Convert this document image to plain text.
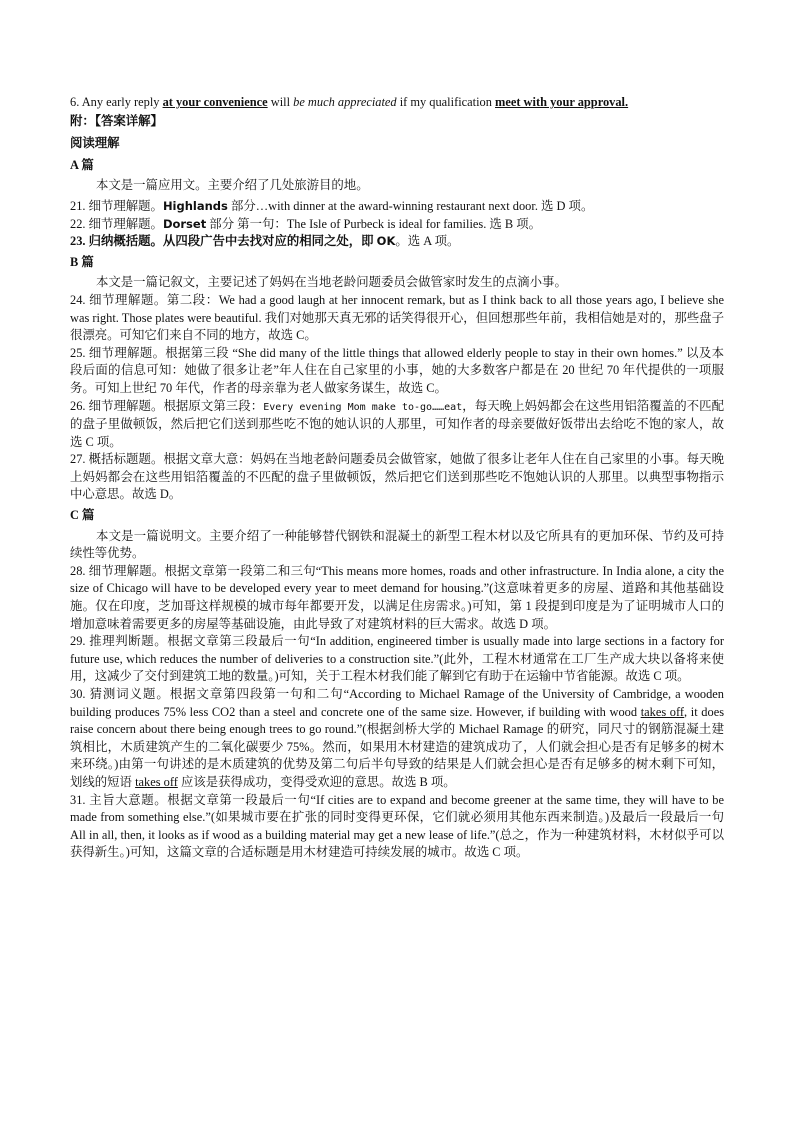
6. Any early reply at your convenience will be much appreciated if my qualification meet with your approval.

附：【答案详解】

阅读理解

A 篇

本文是一篇应用文。主要介绍了几处旅游目的地。

21. 细节理解题。Highlands 部分…with dinner at the award-winning restaurant next door. 选 D 项。

22. 细节理解题。Dorset 部分 第一句：The Isle of Purbeck is ideal for families. 选 B 项。

23. 归纳概括题。从四段广告中去找对应的相同之处，即 OK。选 A 项。

B 篇

本文是一篇记叙文，主要记述了妈妈在当地老龄问题委员会做管家时发生的点滴小事。

24. 细节理解题。第二段：We had a good laugh at her innocent remark, but as I think back to all those years ago, I believe she was right. Those plates were beautiful. 我们对她那天真无邪的话笑得很开心，但回想那些年前，我相信她是对的，那些盘子很漂亮。可知它们来自不同的地方，故选 C。

25. 细节理解题。根据第三段 “She did many of the little things that allowed elderly people to stay in their own homes.” 以及本段后面的信息可知：她做了很多让老”年人住在自己家里的小事，她的大多数客户都是在 20 世纪 70 年代提供的一项服务。可知上世纪 70 年代，作者的母亲靠为老人做家务谋生，故选 C。

26. 细节理解题。根据原文第三段：Every evening Mom make to-go……eat，每天晚上妈妈都会在这些用铝箔覆盖的不匹配的盘子里做顿饭，然后把它们送到那些吃不饱的她认识的人那里，可知作者的母亲要做好饭带出去给吃不饱的家人，故选 C 项。

27. 概括标题题。根据文章大意：妈妈在当地老龄问题委员会做管家，她做了很多让老年人住在自己家里的小事。每天晚上妈妈都会在这些用铝箔覆盖的不匹配的盘子里做顿饭，然后把它们送到那些吃不饱她认识的人那里。以典型事物指示中心意思。故选 D。

C 篇

本文是一篇说明文。主要介绍了一种能够替代钢铁和混凝土的新型工程木材以及它所具有的更加环保、节约及可持续性等优势。

28. 细节理解题。根据文章第一段第二和三句“This means more homes, roads and other infrastructure. In India alone, a city the size of Chicago will have to be developed every year to meet demand for housing.”(这意味着更多的房屋、道路和其他基础设施。仅在印度，芝加哥这样规模的城市每年都要开发，以满足住房需求。)可知，第 1 段提到印度是为了证明城市人口的增加意味着需要更多的房屋等基础设施，由此导致了对建筑材料的巨大需求。故选 D 项。

29. 推理判断题。根据文章第三段最后一句“In addition, engineered timber is usually made into large sections in a factory for future use, which reduces the number of deliveries to a construction site.”(此外，工程木材通常在工厂生产成大块以备将来使用，这减少了交付到建筑工地的数量。)可知，关于工程木材我们能了解到它有助于在运输中节省能源。故选 C 项。

30. 猜测词义题。根据文章第四段第一句和二句“According to Michael Ramage of the University of Cambridge, a wooden building produces 75% less CO2 than a steel and concrete one of the same size. However, if building with wood takes off, it does raise concern about there being enough trees to go round.”(根据剑桥大学的 Michael Ramage 的研究，同尺寸的钢筋混凝土建筑相比，木质建筑产生的二氧化碳要少 75%。然而，如果用木材建造的建筑成功了，人们就会担心是否有足够多的树木来环绕。)由第一句讲述的是木质建筑的优势及第二句后半句导致的结果是人们就会担心是否有足够多的树木剩下可知，划线的短语 takes off 应该是获得成功，变得受欢迎的意思。故选 B 项。

31. 主旨大意题。根据文章第一段最后一句“If cities are to expand and become greener at the same time, they will have to be made from something else.”(如果城市要在扩张的同时变得更环保，它们就必须用其他东西来制造。)及最后一段最后一句 All in all, then, it looks as if wood as a building material may get a new lease of life.”(总之，作为一种建筑材料，木材似乎可以获得新生。)可知，这篇文章的合适标题是用木材建造可持续发展的城市。故选 C 项。
